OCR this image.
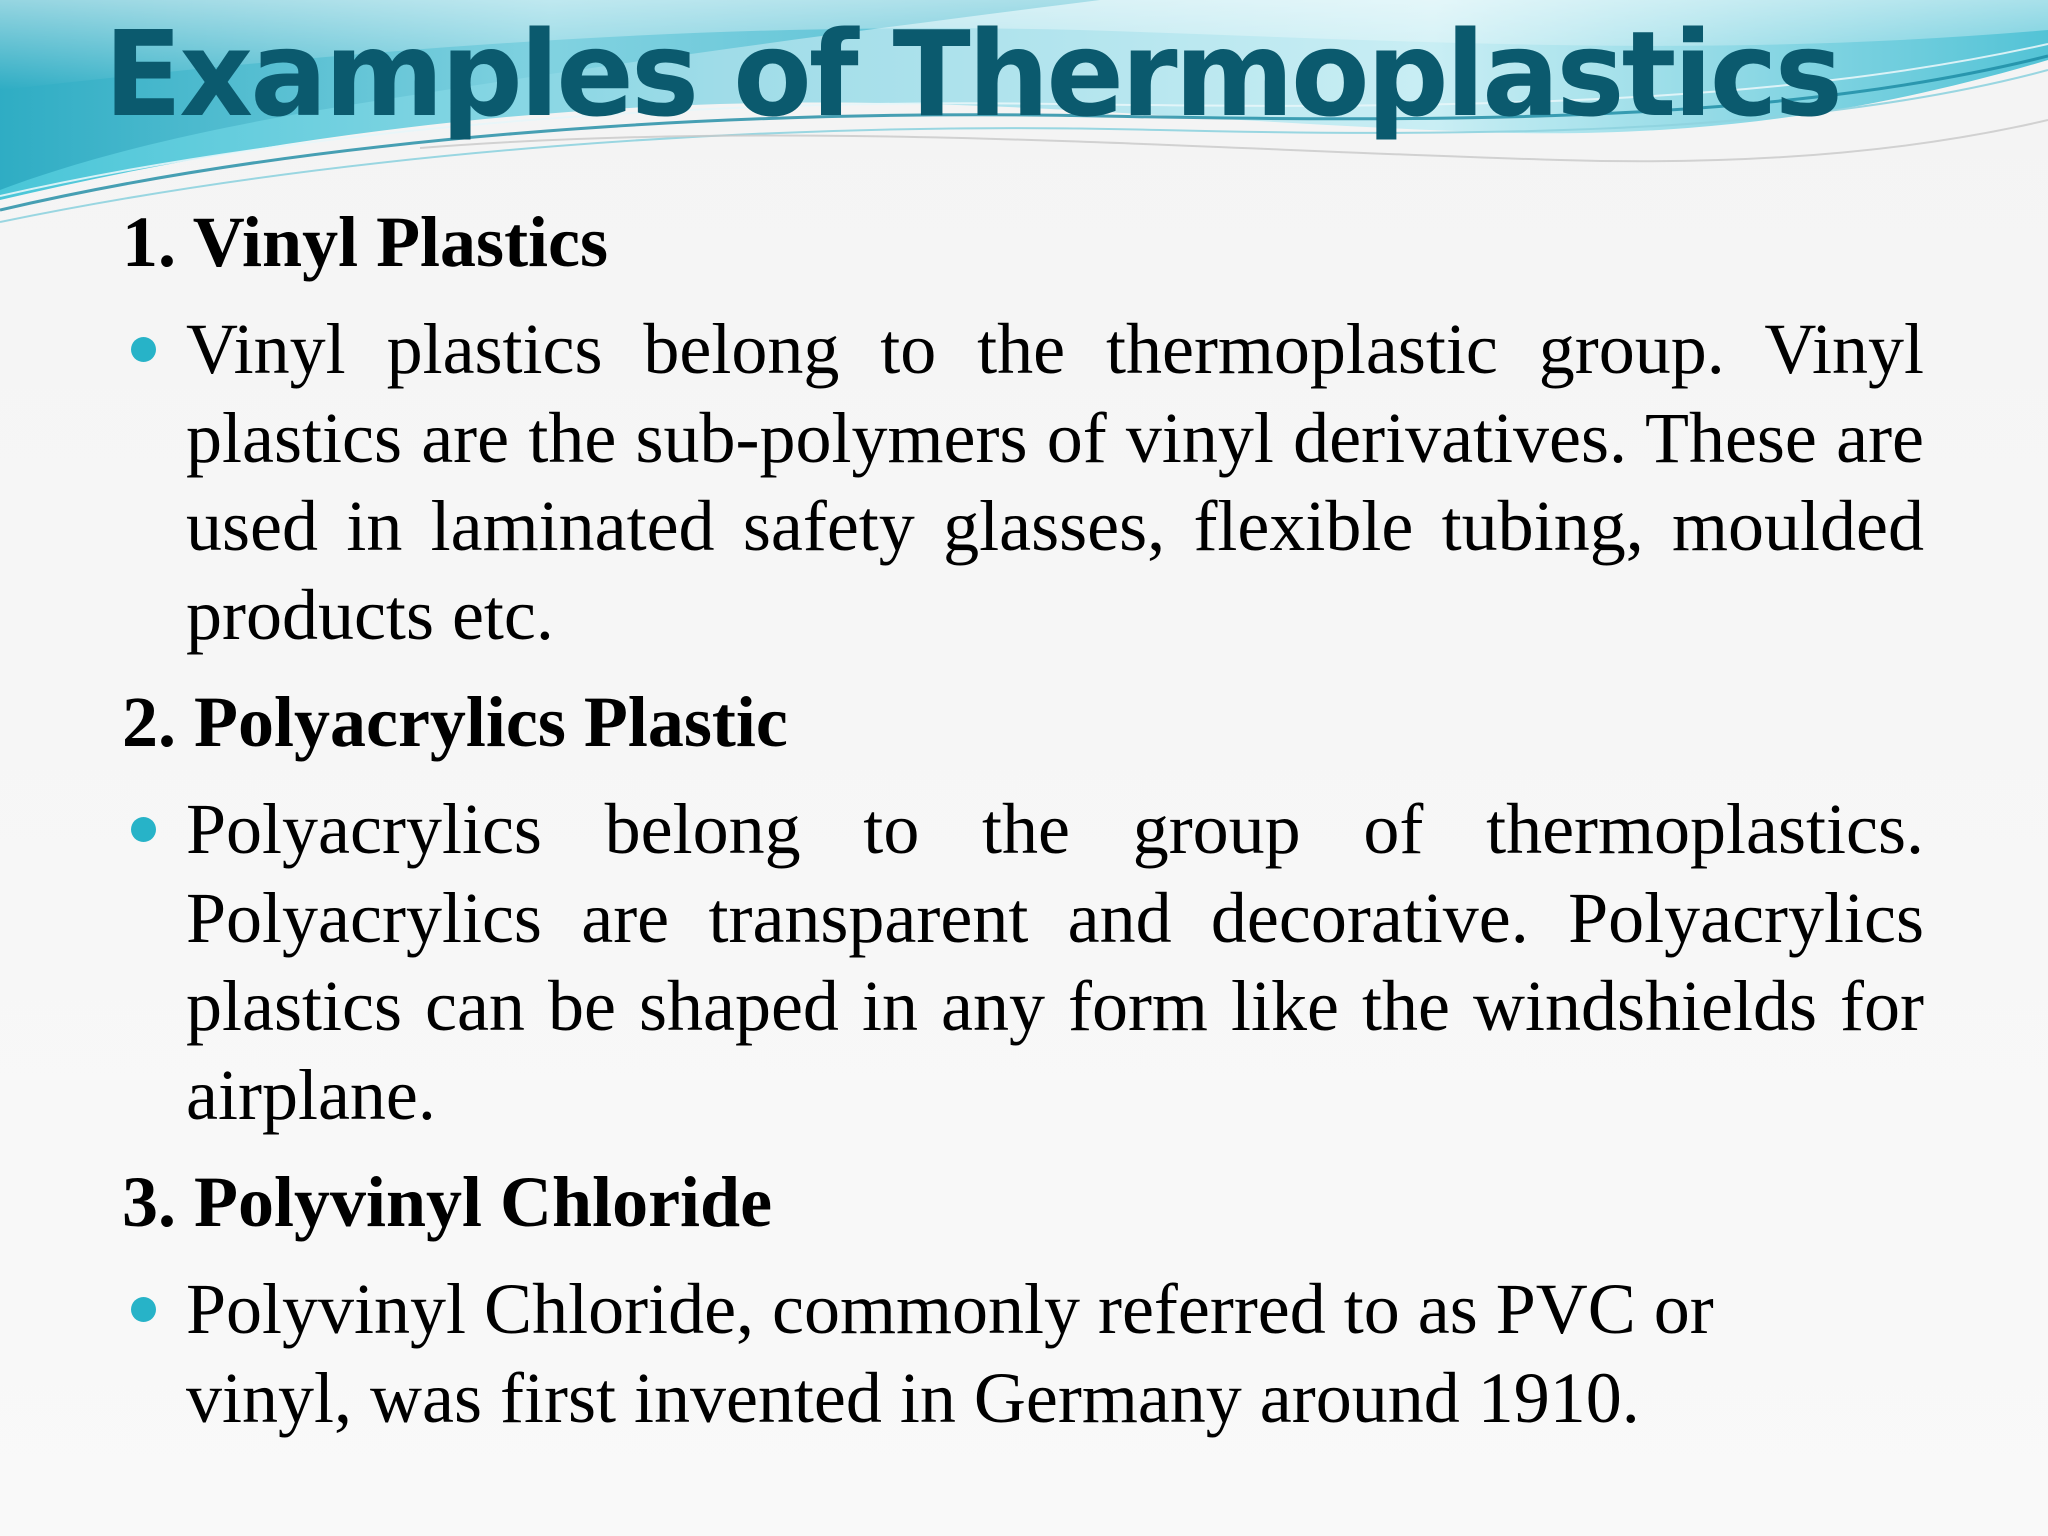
Examples of Thermoplastics
1. Vinyl Plastics

Vinyl plastics belong to the thermoplastic group. Vinyl plastics are the sub-polymers of vinyl derivatives. These are used in laminated safety glasses, flexible tubing, moulded products etc.

2. Polyacrylics Plastic

Polyacrylics belong to the group of thermoplastics. Polyacrylics are transparent and decorative. Polyacrylics plastics can be shaped in any form like the windshields for airplane.

3. Polyvinyl Chloride

Polyvinyl Chloride, commonly referred to as PVC or vinyl, was first invented in Germany around 1910.
